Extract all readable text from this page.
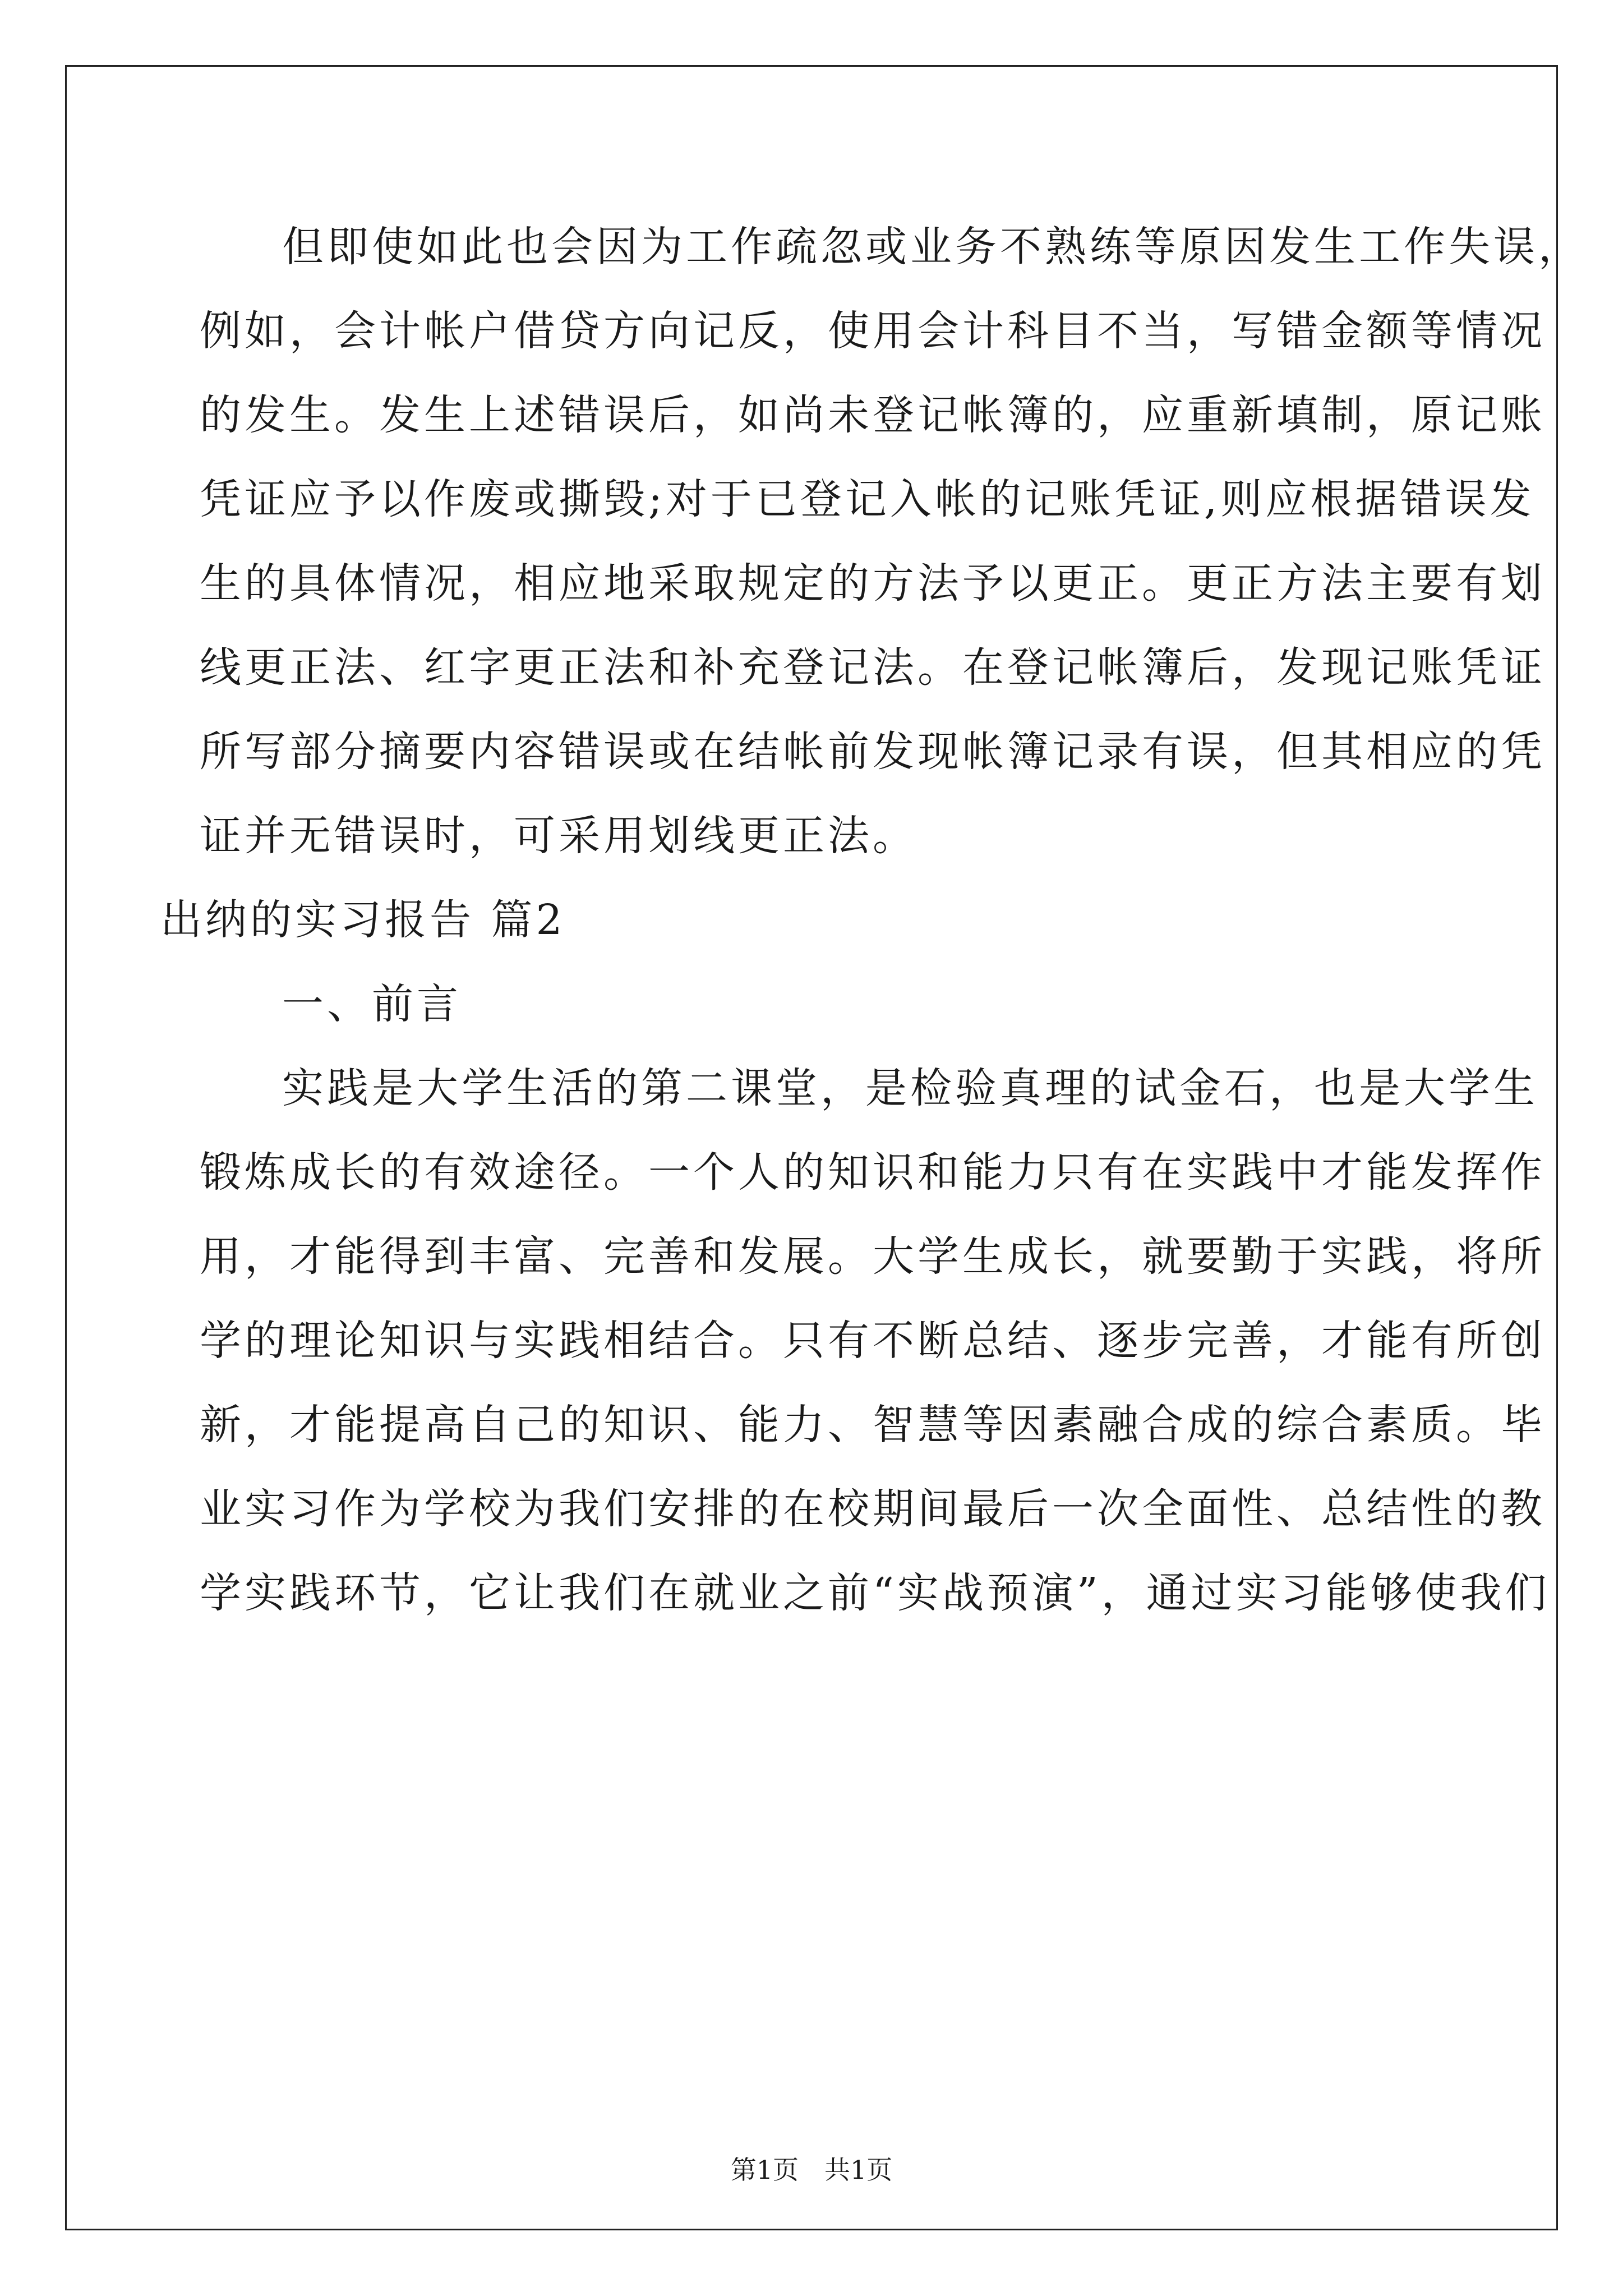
但即使如此也会因为工作疏忽或业务不熟练等原因发生工作失误，
例如，会计帐户借贷方向记反，使用会计科目不当，写错金额等情况
的发生。发生上述错误后，如尚未登记帐簿的，应重新填制，原记账
凭证应予以作废或撕毁;对于已登记入帐的记账凭证,则应根据错误发
生的具体情况，相应地采取规定的方法予以更正。更正方法主要有划
线更正法、红字更正法和补充登记法。在登记帐簿后，发现记账凭证
所写部分摘要内容错误或在结帐前发现帐簿记录有误，但其相应的凭
证并无错误时，可采用划线更正法。
出纳的实习报告 篇2
一、前言
实践是大学生活的第二课堂，是检验真理的试金石，也是大学生
锻炼成长的有效途径。一个人的知识和能力只有在实践中才能发挥作
用，才能得到丰富、完善和发展。大学生成长，就要勤于实践，将所
学的理论知识与实践相结合。只有不断总结、逐步完善，才能有所创
新，才能提高自己的知识、能力、智慧等因素融合成的综合素质。毕
业实习作为学校为我们安排的在校期间最后一次全面性、总结性的教
学实践环节，它让我们在就业之前“实战预演”，通过实习能够使我们
第1页　共1页
